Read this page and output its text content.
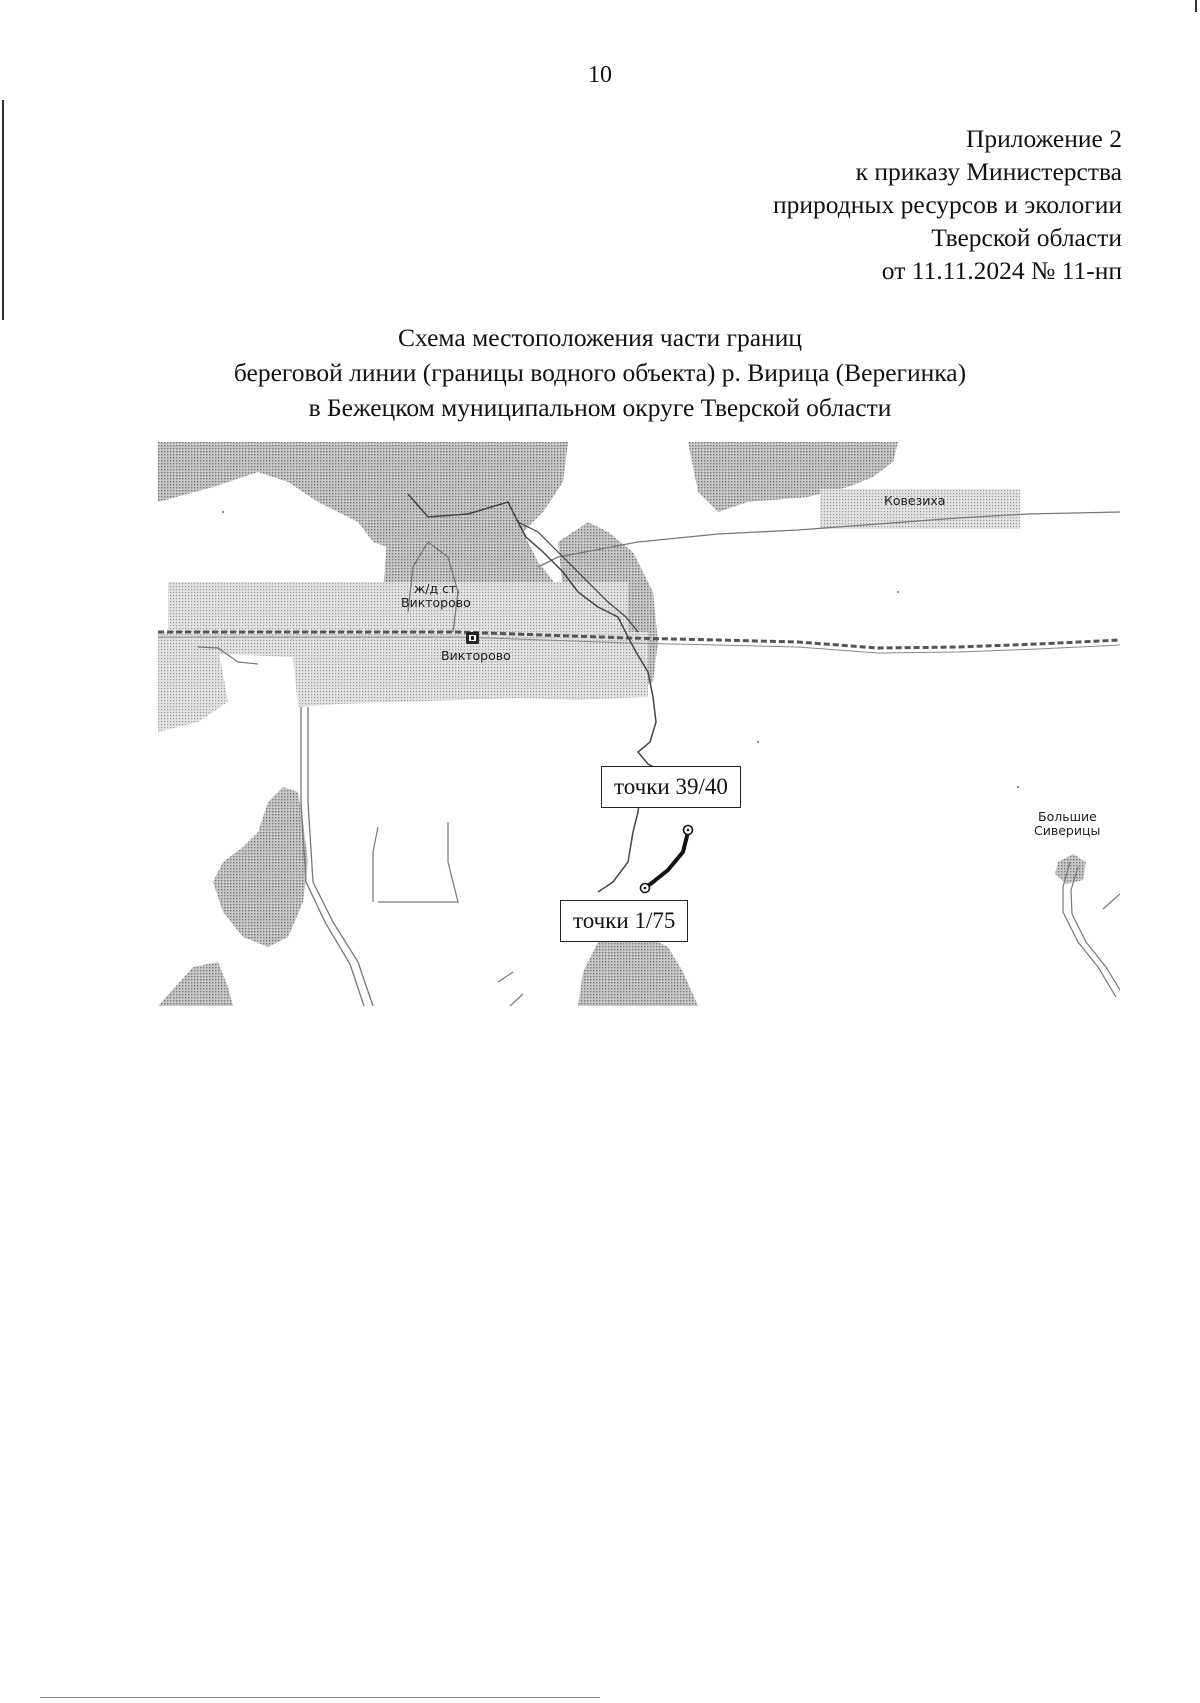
10
Приложение 2
к приказу Министерства
природных ресурсов и экологии
Тверской области
от 11.11.2024 № 11-нп
Схема местоположения части границ
береговой линии (границы водного объекта) р. Вирица (Верегинка)
в Бежецком муниципальном округе Тверской области
Ковезиха
ж/д ст.
Викторово
Викторово
Большие
Сиверицы
точки 39/40
точки 1/75
